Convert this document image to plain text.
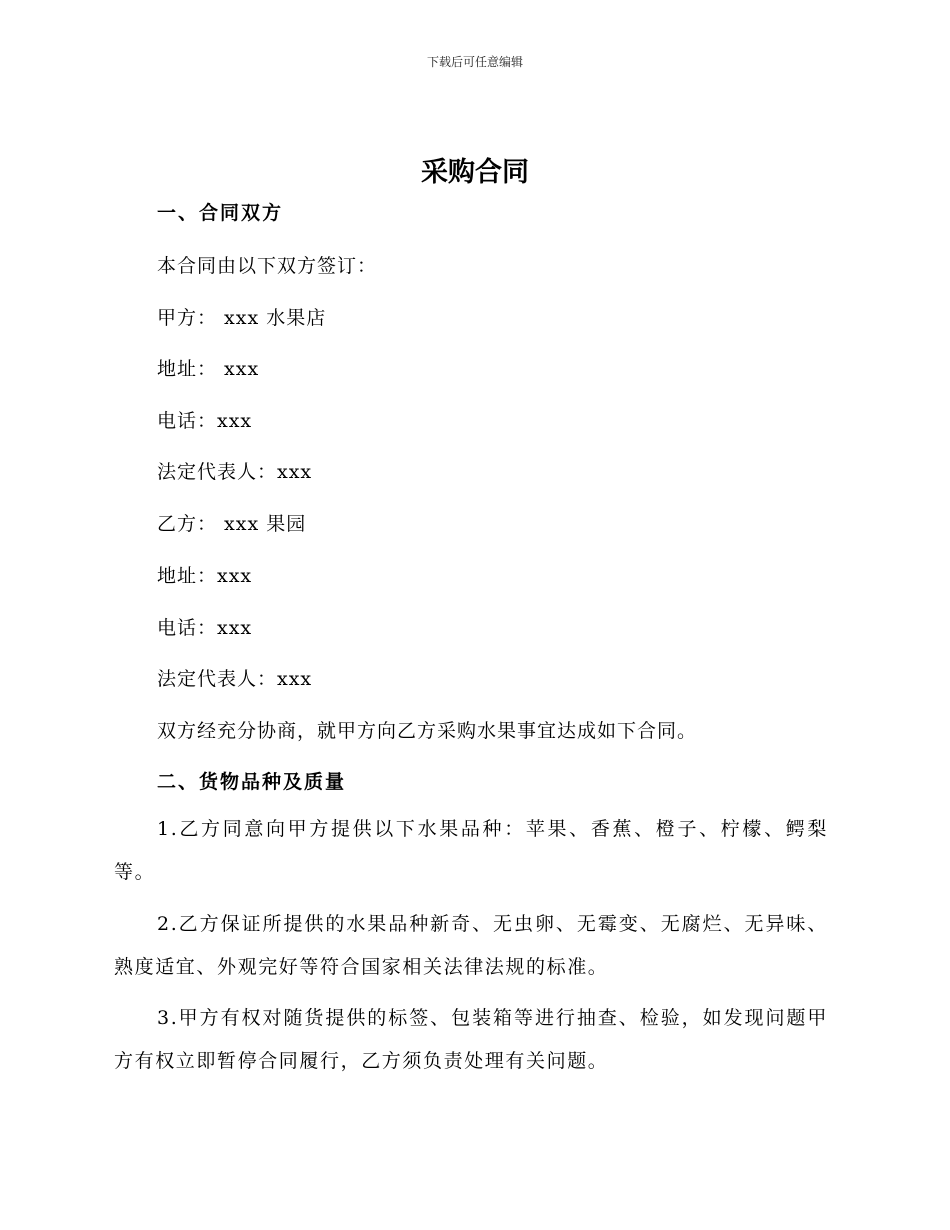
下载后可任意编辑
采购合同
一、合同双方
本合同由以下双方签订：
甲方： xxx 水果店
地址： xxx
电话：xxx
法定代表人：xxx
乙方： xxx 果园
地址：xxx
电话：xxx
法定代表人：xxx
双方经充分协商，就甲方向乙方采购水果事宜达成如下合同。
二、货物品种及质量
1.乙方同意向甲方提供以下水果品种：苹果、香蕉、橙子、柠檬、鳄梨等。
2.乙方保证所提供的水果品种新奇、无虫卵、无霉变、无腐烂、无异味、熟度适宜、外观完好等符合国家相关法律法规的标准。
3.甲方有权对随货提供的标签、包装箱等进行抽查、检验，如发现问题甲方有权立即暂停合同履行，乙方须负责处理有关问题。
